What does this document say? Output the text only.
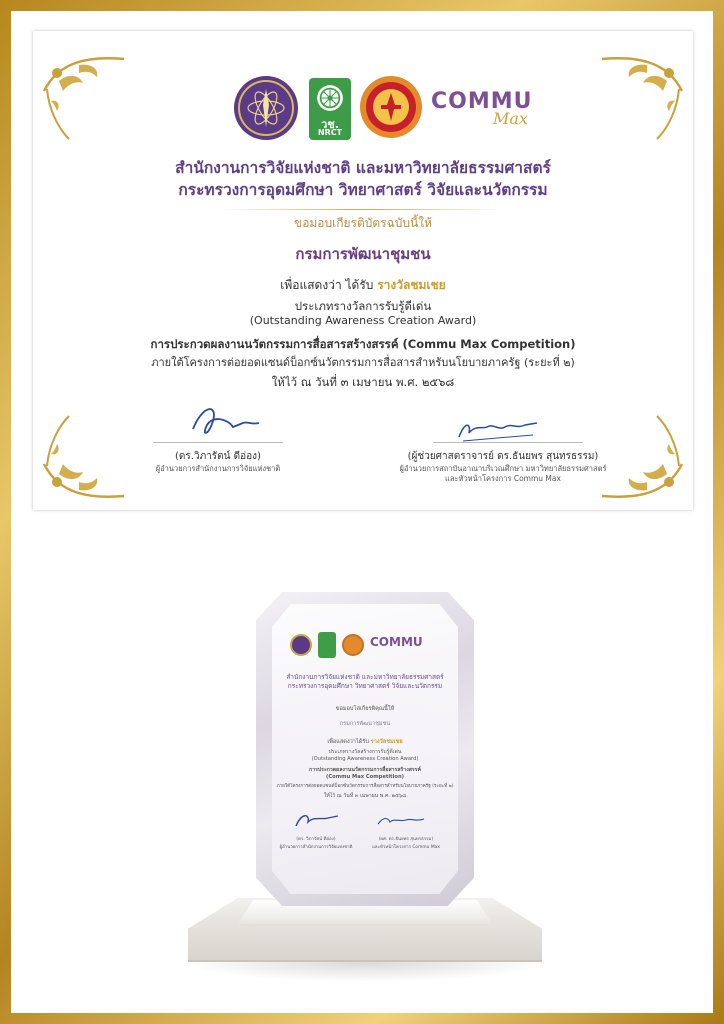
วช.
NRCT
COMMU
Max

สำนักงานการวิจัยแห่งชาติ และมหาวิทยาลัยธรรมศาสตร์

กระทรวงการอุดมศึกษา วิทยาศาสตร์ วิจัยและนวัตกรรม

ขอมอบเกียรติบัตรฉบับนี้ให้

กรมการพัฒนาชุมชน

เพื่อแสดงว่า ได้รับ รางวัลชมเชย

ประเภทรางวัลการรับรู้ดีเด่น

(Outstanding Awareness Creation Award)

การประกวดผลงานนวัตกรรมการสื่อสารสร้างสรรค์ (Commu Max Competition)

ภายใต้โครงการต่อยอดแซนด์บ็อกซ์นวัตกรรมการสื่อสารสำหรับนโยบายภาครัฐ (ระยะที่ ๒)

ให้ไว้ ณ วันที่ ๓ เมษายน พ.ศ. ๒๕๖๘

(ดร.วิภารัตน์ ดีอ่อง)

ผู้อำนวยการสำนักงานการวิจัยแห่งชาติ

(ผู้ช่วยศาสตราจารย์ ดร.ธันยพร สุนทรธรรม)

ผู้อำนวยการสถาบันอาณาบริเวณศึกษา มหาวิทยาลัยธรรมศาสตร์

และหัวหน้าโครงการ Commu Max

COMMU

สำนักงานการวิจัยแห่งชาติ และมหาวิทยาลัยธรรมศาสตร์

กระทรวงการอุดมศึกษา วิทยาศาสตร์ วิจัยและนวัตกรรม

ขอมอบโล่เกียรติคุณนี้ให้

กรมการพัฒนาชุมชน

เพื่อแสดงว่าได้รับ รางวัลชมเชย

ประเภทรางวัลสร้างการรับรู้ดีเด่น

(Outstanding Awareness Creation Award)

การประกวดผลงานนวัตกรรมการสื่อสารสร้างสรรค์

(Commu Max Competition)

ภายใต้โครงการต่อยอดแซนด์บ็อกซ์นวัตกรรมการสื่อสารสำหรับนโยบายภาครัฐ (ระยะที่ ๒)

ให้ไว้ ณ วันที่ ๓ เมษายน พ.ศ. ๒๕๖๘

(ดร. วิภารัตน์ ดีอ่อง)

ผู้อำนวยการสำนักงานการวิจัยแห่งชาติ

(ผศ. ดร.ธันยพร สุนทรธรรม)

และหัวหน้าโครงการ Commu Max
